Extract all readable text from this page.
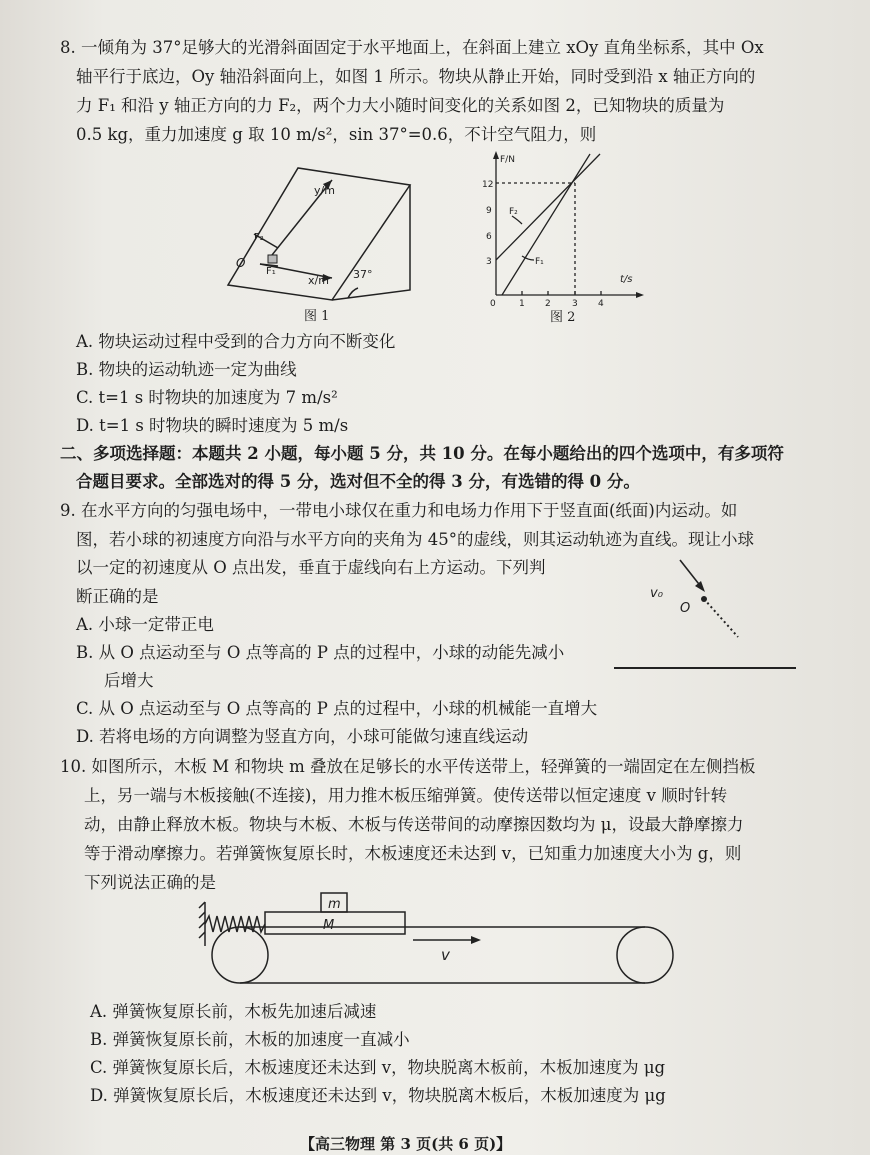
8. 一倾角为 37°足够大的光滑斜面固定于水平地面上，在斜面上建立 xOy 直角坐标系，其中 Ox
轴平行于底边，Oy 轴沿斜面向上，如图 1 所示。物块从静止开始，同时受到沿 x 轴正方向的
力 F₁ 和沿 y 轴正方向的力 F₂，两个力大小随时间变化的关系如图 2，已知物块的质量为
0.5 kg，重力加速度 g 取 10 m/s²，sin 37°=0.6，不计空气阻力，则
y/m
x/m
O
F₁
F₂
37°
图 1
F/N
t/s
12
9
6
3
0	1 2 3 4
F₁
F₂
图 2
A. 物块运动过程中受到的合力方向不断变化
B. 物块的运动轨迹一定为曲线
C. t=1 s 时物块的加速度为 7 m/s²
D. t=1 s 时物块的瞬时速度为 5 m/s
二、多项选择题：本题共 2 小题，每小题 5 分，共 10 分。在每小题给出的四个选项中，有多项符
合题目要求。全部选对的得 5 分，选对但不全的得 3 分，有选错的得 0 分。
9. 在水平方向的匀强电场中，一带电小球仅在重力和电场力作用下于竖直面(纸面)内运动。如
图，若小球的初速度方向沿与水平方向的夹角为 45°的虚线，则其运动轨迹为直线。现让小球
以一定的初速度从 O 点出发，垂直于虚线向右上方运动。下列判
断正确的是
A. 小球一定带正电
B. 从 O 点运动至与 O 点等高的 P 点的过程中，小球的动能先减小
后增大
C. 从 O 点运动至与 O 点等高的 P 点的过程中，小球的机械能一直增大
D. 若将电场的方向调整为竖直方向，小球可能做匀速直线运动
v₀
O
10. 如图所示，木板 M 和物块 m 叠放在足够长的水平传送带上，轻弹簧的一端固定在左侧挡板
上，另一端与木板接触(不连接)，用力推木板压缩弹簧。使传送带以恒定速度 v 顺时针转
动，由静止释放木板。物块与木板、木板与传送带间的动摩擦因数均为 μ，设最大静摩擦力
等于滑动摩擦力。若弹簧恢复原长时，木板速度还未达到 v，已知重力加速度大小为 g，则
下列说法正确的是
m
M
v
A. 弹簧恢复原长前，木板先加速后减速
B. 弹簧恢复原长前，木板的加速度一直减小
C. 弹簧恢复原长后，木板速度还未达到 v，物块脱离木板前，木板加速度为 μg
D. 弹簧恢复原长后，木板速度还未达到 v，物块脱离木板后，木板加速度为 μg
【高三物理 第 3 页(共 6 页)】
